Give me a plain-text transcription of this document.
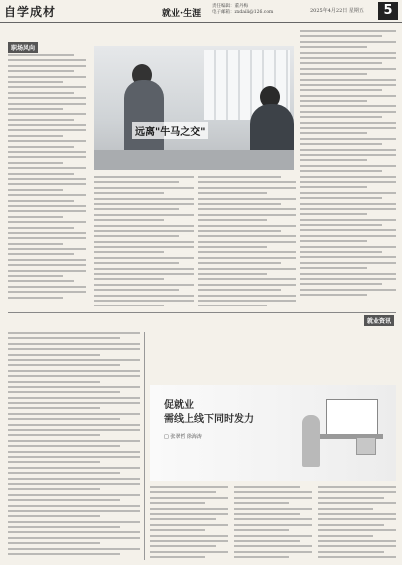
自学成材	就业·生涯
责任编辑：董丹梅
电子邮箱：zxdaili@126.com	2025年4月22日 星期五	5
职场风向
远离"牛马之交"
就业资讯
促就业
需线上线下同时发力
□ 张翠哲 徐海涛
